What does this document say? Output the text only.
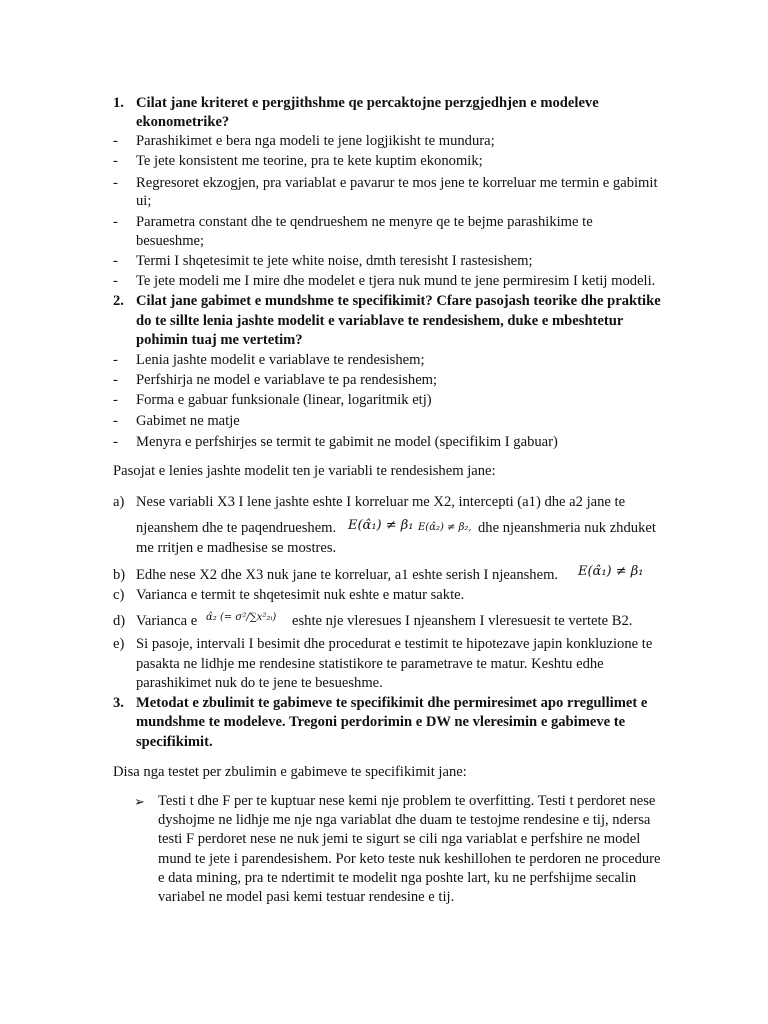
1. Cilat jane kriteret e pergjithshme qe percaktojne perzgjedhjen e modeleve
ekonometrike?
- Parashikimet e bera nga modeli te jene logjikisht te mundura;
- Te jete konsistent me teorine, pra te kete kuptim ekonomik;
- Regresoret ekzogjen, pra variablat e pavarur te mos jene te korreluar me termin e gabimit
ui;
- Parametra constant dhe te qendrueshem ne menyre qe te bejme parashikime te
besueshme;
- Termi I shqetesimit te jete white noise, dmth teresisht I rastesishem;
- Te jete modeli me I mire dhe modelet e tjera nuk mund te jene permiresim I ketij modeli.
2. Cilat jane gabimet e mundshme te specifikimit? Cfare pasojash teorike dhe praktike
do te sillte lenia jashte modelit e variablave te rendesishem, duke e mbeshtetur
pohimin tuaj me vertetim?
- Lenia jashte modelit e variablave te rendesishem;
- Perfshirja ne model e variablave te pa rendesishem;
- Forma e gabuar funksionale (linear, logaritmik etj)
- Gabimet ne matje
- Menyra e perfshirjes se termit te gabimit ne model (specifikim I gabuar)
Pasojat e lenies jashte modelit ten je variabli te rendesishem jane:
a) Nese variabli X3 I lene jashte eshte I korreluar me X2, intercepti (a1) dhe a2 jane te
njeanshem dhe te paqendrueshem. E(α̂₁) ≠ β₁ E(α̂₂) ≠ β₂, dhe njeanshmeria nuk zhduket
me rritjen e madhesise se mostres.
b) Edhe nese X2 dhe X3 nuk jane te korreluar, a1 eshte serish I njeanshem. E(α̂₁) ≠ β₁
c) Varianca e termit te shqetesimit nuk eshte e matur sakte.
d) Varianca e α̂₂ (= σ²/∑x²₂ᵢ) eshte nje vleresues I njeanshem I vleresuesit te vertete B2.
e) Si pasoje, intervali I besimit dhe procedurat e testimit te hipotezave japin konkluzione te
pasakta ne lidhje me rendesine statistikore te parametrave te matur. Keshtu edhe
parashikimet nuk do te jene te besueshme.
3. Metodat e zbulimit te gabimeve te specifikimit dhe permiresimet apo rregullimet e
mundshme te modeleve. Tregoni perdorimin e DW ne vleresimin e gabimeve te
specifikimit.
Disa nga testet per zbulimin e gabimeve te specifikimit jane:
➢ Testi t dhe F per te kuptuar nese kemi nje problem te overfitting. Testi t perdoret nese
dyshojme ne lidhje me nje nga variablat dhe duam te testojme rendesine e tij, ndersa
testi F perdoret nese ne nuk jemi te sigurt se cili nga variablat e perfshire ne model
mund te jete i parendesishem. Por keto teste nuk keshillohen te perdoren ne procedure
e data mining, pra te ndertimit te modelit nga poshte lart, ku ne perfshijme secalin
variabel ne model pasi kemi testuar rendesine e tij.
